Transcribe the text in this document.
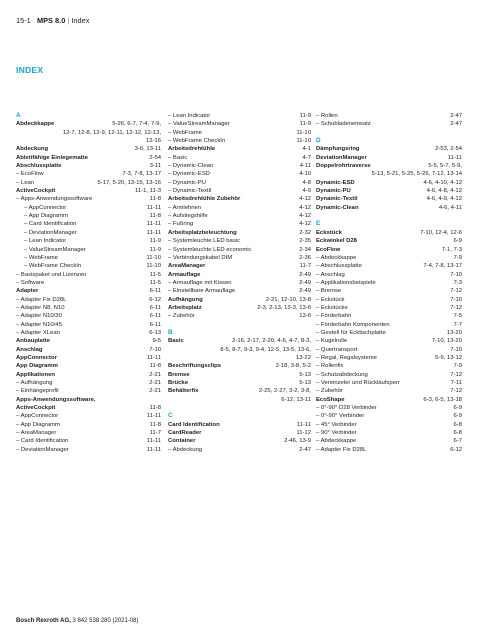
15-1 MPS 8.0 | Index
INDEX
A
Abdeckkappe	5-26, 6-7, 7-4, 7-9,
12-7, 12-8, 12-9, 12-11, 12-12, 12-13,
12-16
Abdeckung	3-6, 13-11
Ableitfähige Einlegematte	2-54
Abschlussplatte	3-11
– EcoFlow	7-3, 7-8, 13-17
– Lean	5-17, 5-20, 13-15, 13-16
ActiveCockpit	11-1, 11-3
– Apps-Anwendungssoftware	11-8
– AppConnector	11-11
– App Diagramm	11-8
– Card Identification	11-11
– DeviationManager	11-11
– Lean Indicator	11-9
– ValueStreamManager	11-9
– WebFrame	11-10
– WebFrame CheckIn	11-10
– Basispaket und Lizenzen	11-5
– Software	11-5
Adapter	6-11
– Adapter Fix D28L	6-12
– Adapter N8, N10	6-11
– Adapter N10/30	6-11
– Adapter N10/45	6-11
– Adapter XLean	6-13
Anbauplatte	9-5
Anschlag	7-10
AppConnector	11-11
App Diagramm	11-8
Applikationen	2-21
– Aufhängung	2-21
– Einhängeprofil	2-21
Apps-Anwendungssoftware,
ActiveCockpit	11-8
– AppConnector	11-11
– App Diagramm	11-8
– AreaManager	11-7
– Card Identification	11-11
– DeviationManager	11-11
– Lean Indicator	11-9
– ValueStreamManager	11-9
– WebFrame	11-10
– WebFrame CheckIn	11-10
Arbeitsdrehtühle	4-1
– Basic	4-7
– Dynamic-Clean	4-11
– Dynamic-ESD	4-10
– Dynamic-PU	4-8
– Dynamic-Textil	4-9
Arbeitsdrehtühle Zubehör	4-12
– Armlehnen	4-12
– Aufstiegshilfe	4-12
– Fußring	4-12
Arbeitsplatzbeleuchtung	2-32
– Systemleuchte LED basic	2-35
– Systemleuchte LED economic	2-34
– Verbindungskabel DIM	2-36
AreaManager	11-7
Armauflage	2-49
– Armauflage mit Kissen	2-49
– Einstellbare Armauflage	2-49
Aufhängung	2-21, 12-10, 13-8
Arbeitsplatz	2-3, 2-13, 13-3, 13-6
– Zubehör	13-6
B
Basic	2-16, 2-17, 2-20, 4-6, 4-7, 8-3,
8-5, 8-7, 9-3, 9-4, 12-5, 13-5, 13-6,
13-22
Beschriftungsclips	2-18, 3-8, 5-2
Bremse	5-13
Brücke	5-13
Behälterfix	2-25, 2-27, 3-2, 3-8,
6-12, 13-11
C
Card Identification	11-11
CardReader	11-12
Container	2-46, 13-9
– Abdeckung	2-47
– Rollen	2-47
– Schubladeneinsatz	2-47
D
Dämpfungsring	2-53, 2-54
DeviationManager	11-11
Doppelrohrtraverse	5-5, 5-7, 5-9,
5-13, 5-21, 5-25, 5-26, 7-12, 13-14
Dynamic-ESD	4-6, 4-10, 4-12
Dynamic-PU	4-6, 4-8, 4-12
Dynamic-Textil	4-6, 4-9, 4-12
Dynamic-Clean	4-6, 4-11
E
Eckstück	7-10, 12-4, 12-6
Eckwinkel D28	6-9
EcoFlow	7-1, 7-3
– Abdeckkappe	7-9
– Abschlussplatte	7-4, 7-8, 13-17
– Anschlag	7-10
– Applikationsbeispiele	7-3
– Bremse	7-12
– Eckstück	7-10
– Eckstücke	7-12
– Förderbahn	7-5
– Förderbahn Komponenten	7-7
– Gestell für Ecktischplatte	13-20
– Kugelrolle	7-10, 13-20
– Quertransport	7-10
– Regal, Regalsysteme	5-9, 13-12
– Rollenfix	7-9
– Schutzabdeckung	7-12
– Vereinzeler und Rückläufsperr	7-11
– Zubehör	7-12
EcoShape	6-3, 6-5, 13-18
– 0°-90° D28 Verbinder	6-9
– 0°-90° Verbinder	6-9
– 45° Verbinder	6-8
– 90° Verbinder	6-8
– Abdeckkappe	6-7
– Adapter Fix D28L	6-12
Bosch Rexroth AG, 3 842 538 280 (2021-08)
